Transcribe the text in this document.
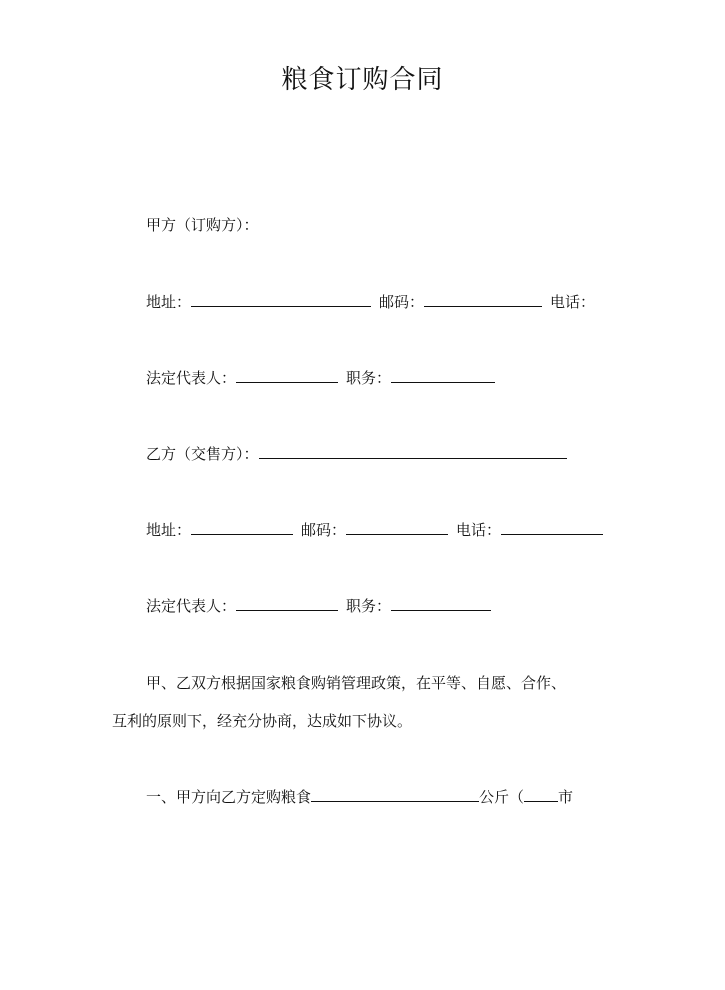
粮食订购合同

甲方（订购方）：

地址：	邮码：	电话：
法定代表人：	职务：
乙方（交售方）：
地址：	邮码：	电话：
法定代表人：	职务：

甲、乙双方根据国家粮食购销管理政策，在平等、自愿、合作、

互利的原则下，经充分协商，达成如下协议。

一、甲方向乙方定购粮食	公斤（ 市
